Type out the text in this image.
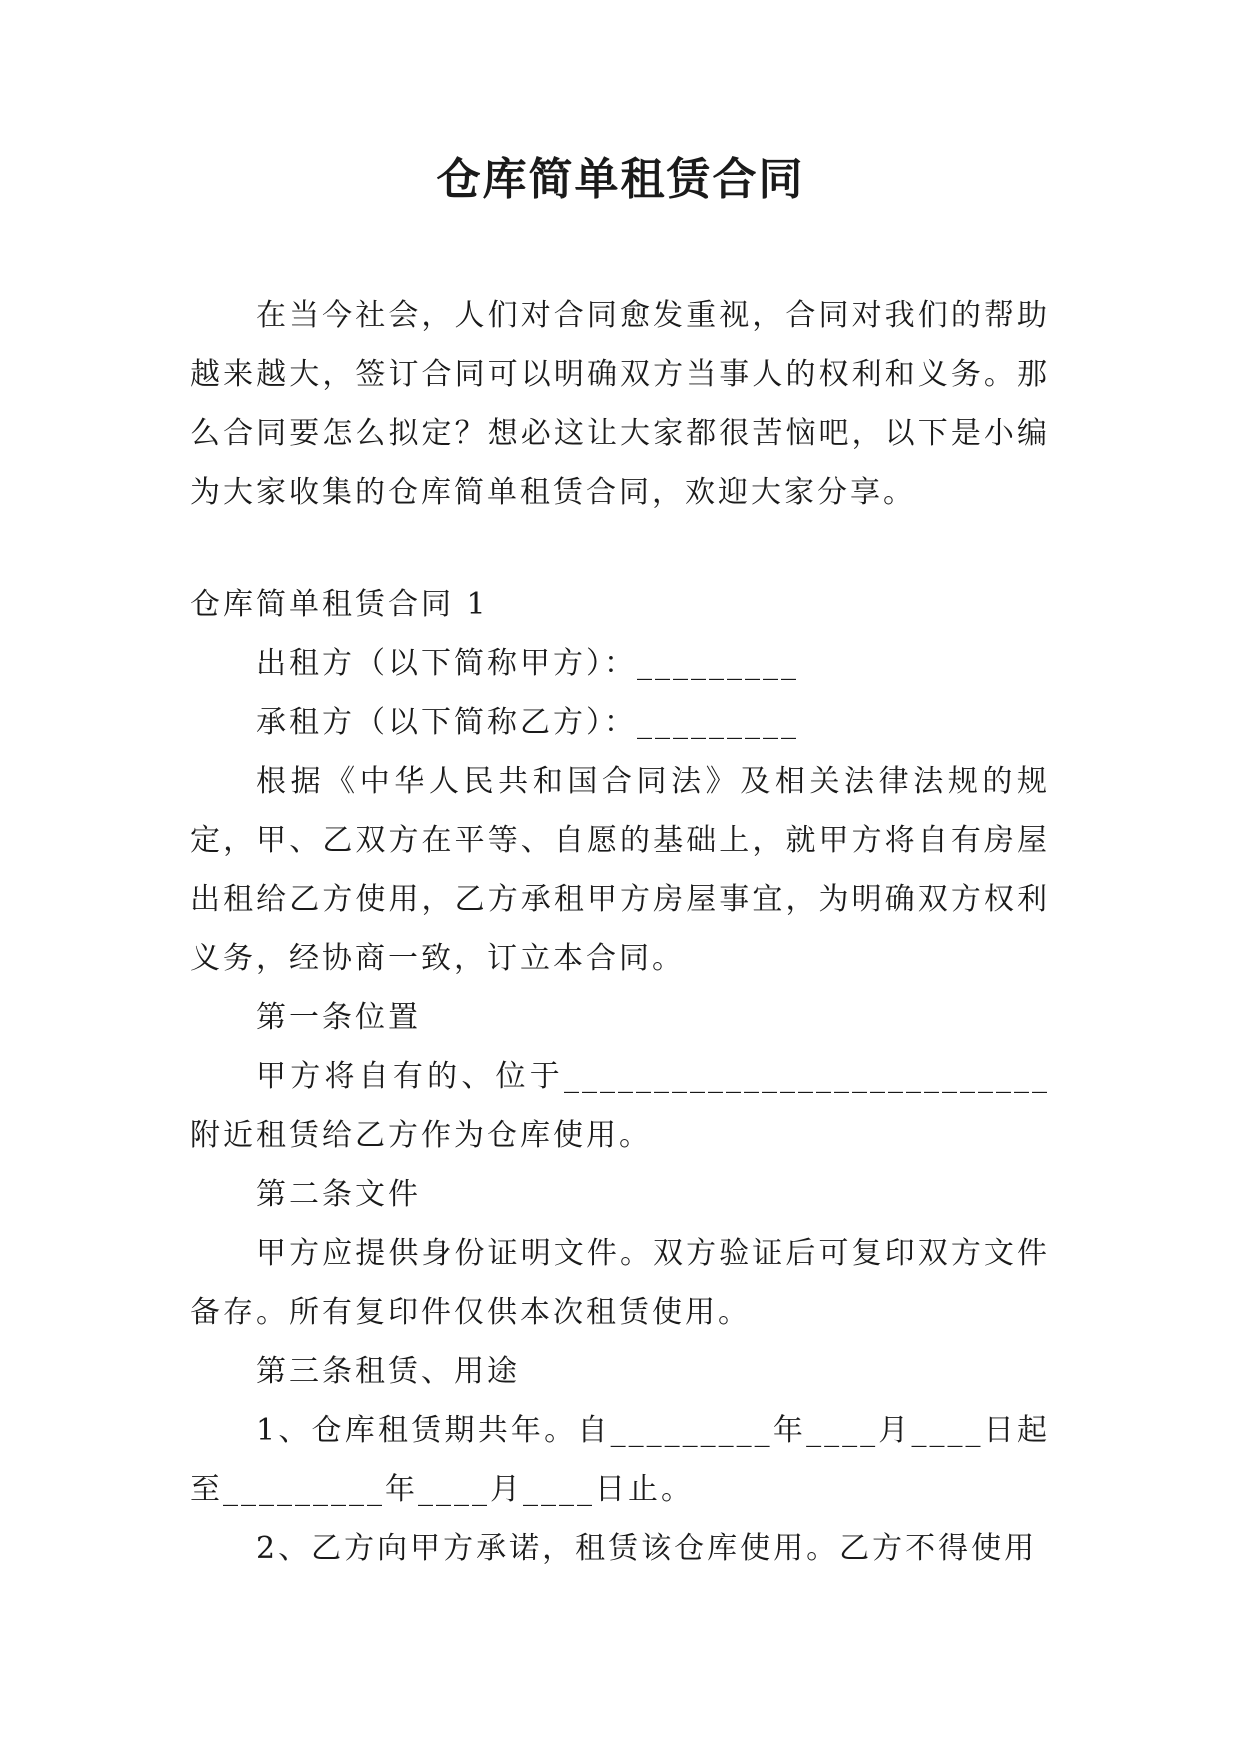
仓库简单租赁合同

在当今社会，人们对合同愈发重视，合同对我们的帮助越来越大，签订合同可以明确双方当事人的权利和义务。那么合同要怎么拟定？想必这让大家都很苦恼吧，以下是小编为大家收集的仓库简单租赁合同，欢迎大家分享。

仓库简单租赁合同 1

出租方（以下简称甲方）：_________

承租方（以下简称乙方）：_________

根据《中华人民共和国合同法》及相关法律法规的规定，甲、乙双方在平等、自愿的基础上，就甲方将自有房屋出租给乙方使用，乙方承租甲方房屋事宜，为明确双方权利义务，经协商一致，订立本合同。

第一条位置

甲方将自有的、位于___________________________附近租赁给乙方作为仓库使用。

第二条文件

甲方应提供身份证明文件。双方验证后可复印双方文件备存。所有复印件仅供本次租赁使用。

第三条租赁、用途

1、仓库租赁期共年。自_________年____月____日起至_________年____月____日止。

2、乙方向甲方承诺，租赁该仓库使用。乙方不得使用
